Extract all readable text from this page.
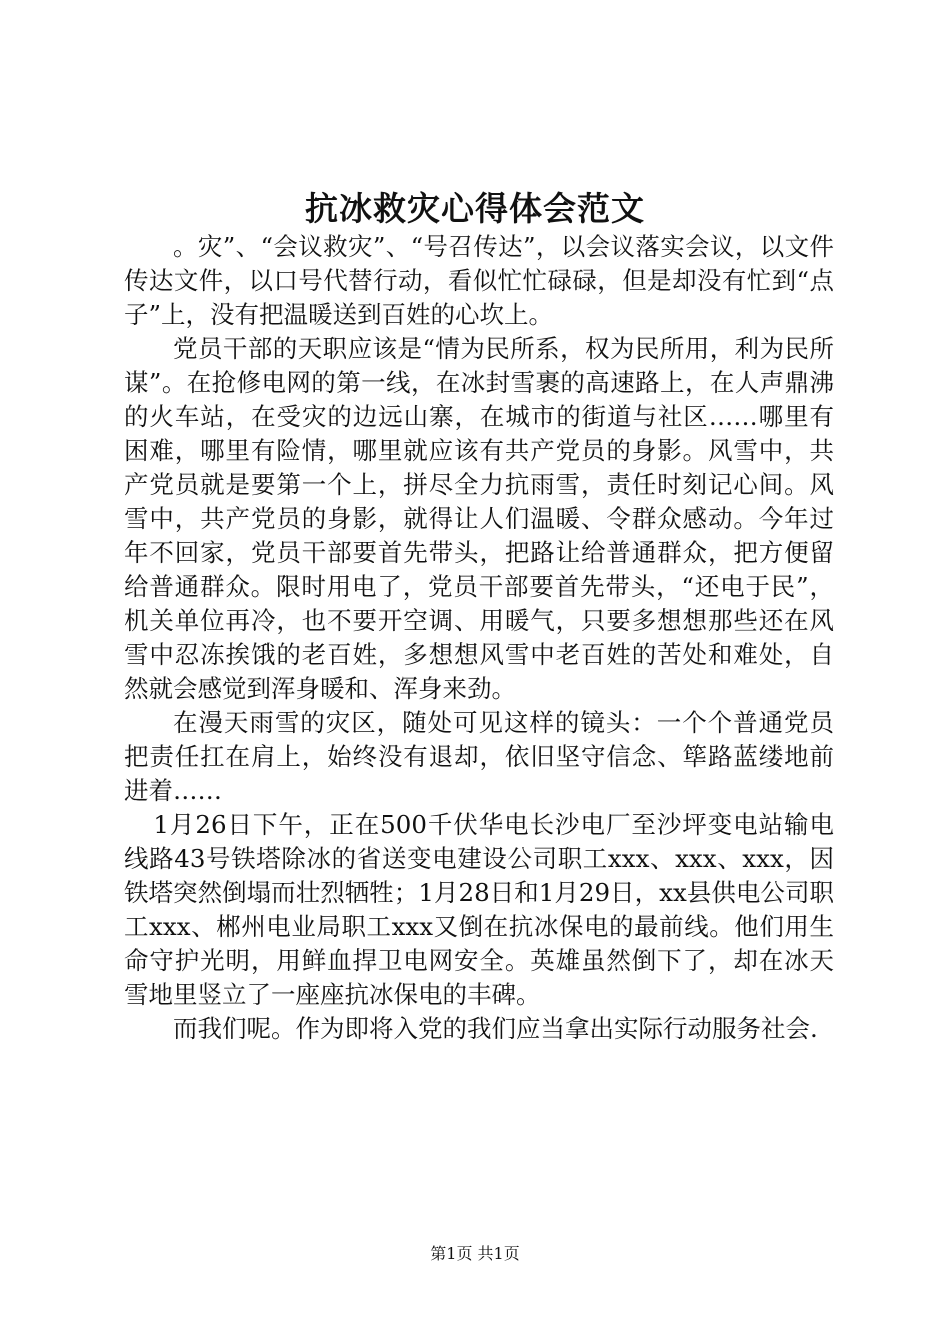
抗冰救灾心得体会范文

。灾”、“会议救灾”、“号召传达”，以会议落实会议，以文件传达文件，以口号代替行动，看似忙忙碌碌，但是却没有忙到“点子”上，没有把温暖送到百姓的心坎上。

党员干部的天职应该是“情为民所系，权为民所用，利为民所谋”。在抢修电网的第一线，在冰封雪裹的高速路上，在人声鼎沸的火车站，在受灾的边远山寨，在城市的街道与社区……哪里有困难，哪里有险情，哪里就应该有共产党员的身影。风雪中，共产党员就是要第一个上，拼尽全力抗雨雪，责任时刻记心间。风雪中，共产党员的身影，就得让人们温暖、令群众感动。今年过年不回家，党员干部要首先带头，把路让给普通群众，把方便留给普通群众。限时用电了，党员干部要首先带头，“还电于民”，机关单位再冷，也不要开空调、用暖气，只要多想想那些还在风雪中忍冻挨饿的老百姓，多想想风雪中老百姓的苦处和难处，自然就会感觉到浑身暖和、浑身来劲。

在漫天雨雪的灾区，随处可见这样的镜头：一个个普通党员把责任扛在肩上，始终没有退却，依旧坚守信念、筚路蓝缕地前进着……

1月26日下午，正在500千伏华电长沙电厂至沙坪变电站输电线路43号铁塔除冰的省送变电建设公司职工xxx、xxx、xxx，因铁塔突然倒塌而壮烈牺牲；1月28日和1月29日，xx县供电公司职工xxx、郴州电业局职工xxx又倒在抗冰保电的最前线。他们用生命守护光明，用鲜血捍卫电网安全。英雄虽然倒下了，却在冰天雪地里竖立了一座座抗冰保电的丰碑。

而我们呢。作为即将入党的我们应当拿出实际行动服务社会.

第1页 共1页
